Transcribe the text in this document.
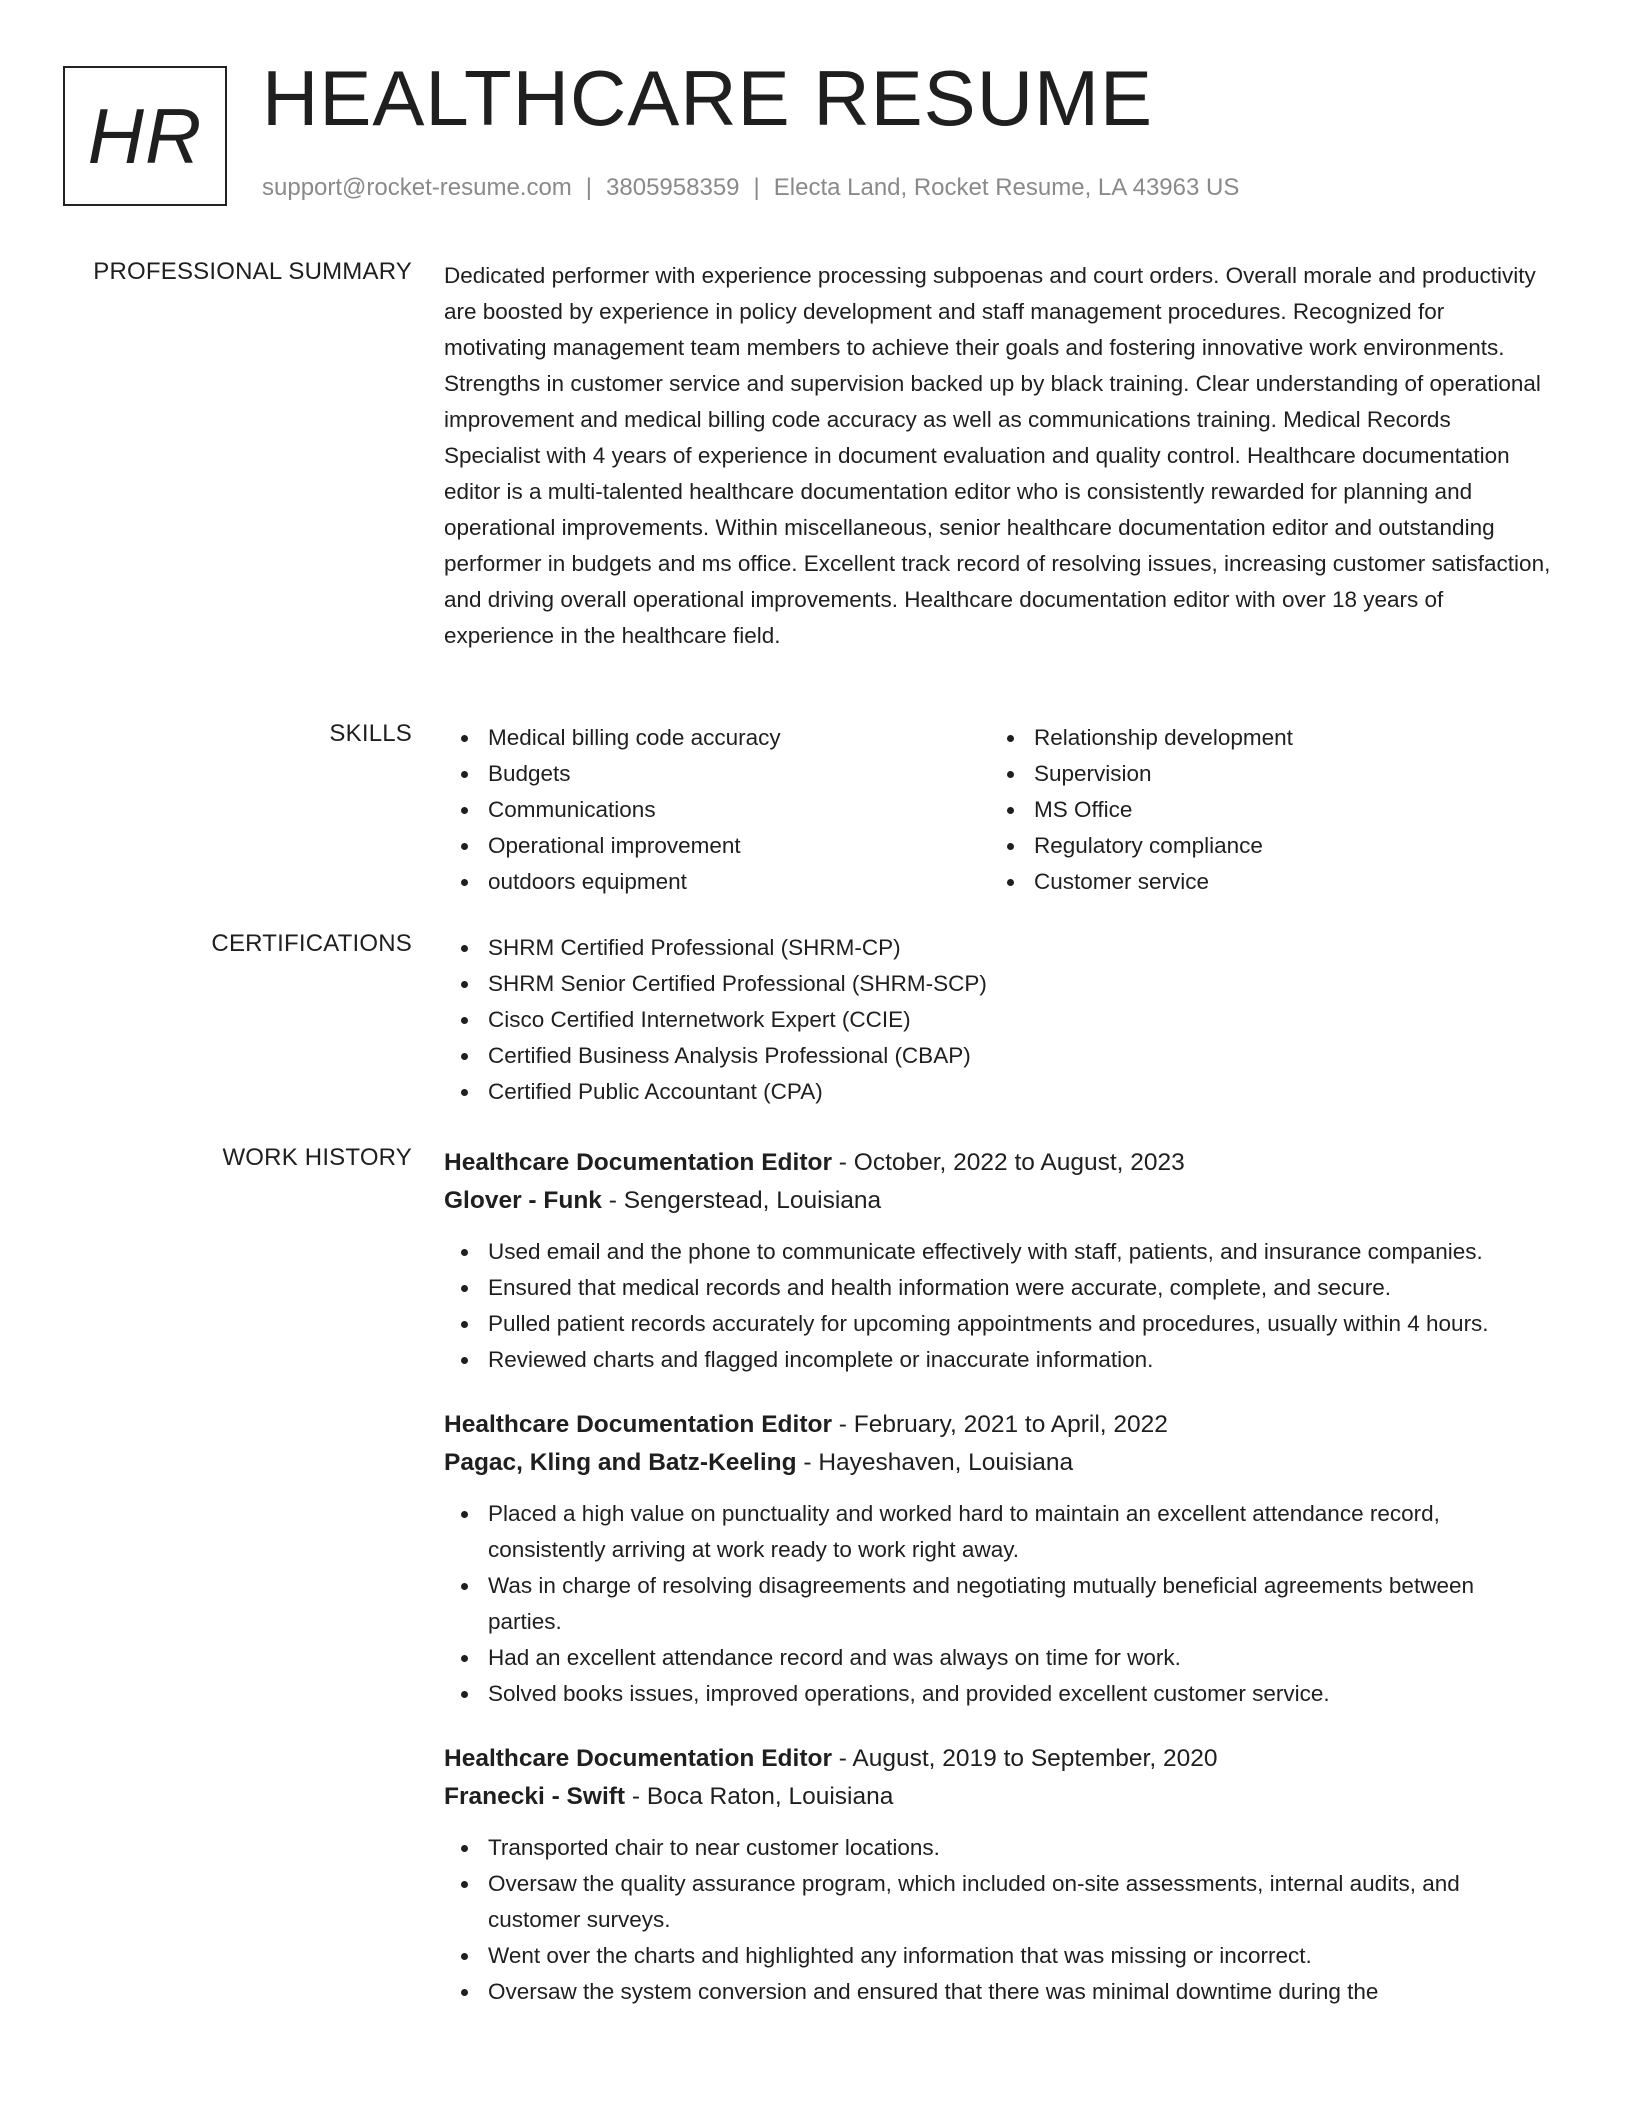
HR HEALTHCARE RESUME
support@rocket-resume.com | 3805958359 | Electa Land, Rocket Resume, LA 43963 US
PROFESSIONAL SUMMARY Dedicated performer with experience processing subpoenas and court orders. Overall morale and productivity are boosted by experience in policy development and staff management procedures. Recognized for motivating management team members to achieve their goals and fostering innovative work environments. Strengths in customer service and supervision backed up by black training. Clear understanding of operational improvement and medical billing code accuracy as well as communications training. Medical Records Specialist with 4 years of experience in document evaluation and quality control. Healthcare documentation editor is a multi-talented healthcare documentation editor who is consistently rewarded for planning and operational improvements. Within miscellaneous, senior healthcare documentation editor and outstanding performer in budgets and ms office. Excellent track record of resolving issues, increasing customer satisfaction, and driving overall operational improvements. Healthcare documentation editor with over 18 years of experience in the healthcare field.

SKILLS	Medical billing code accuracy
Budgets
Communications
Operational improvement
outdoors equipment
Relationship development
Supervision
MS Office
Regulatory compliance
Customer service
CERTIFICATIONS	SHRM Certified Professional (SHRM-CP)
SHRM Senior Certified Professional (SHRM-SCP)
Cisco Certified Internetwork Expert (CCIE)
Certified Business Analysis Professional (CBAP)
Certified Public Accountant (CPA)
WORK HISTORY Healthcare Documentation Editor - October, 2022 to August, 2023
Glover - Funk - Sengerstead, Louisiana
Used email and the phone to communicate effectively with staff, patients, and insurance companies.
Ensured that medical records and health information were accurate, complete, and secure.
Pulled patient records accurately for upcoming appointments and procedures, usually within 4 hours.
Reviewed charts and flagged incomplete or inaccurate information.
Healthcare Documentation Editor - February, 2021 to April, 2022
Pagac, Kling and Batz-Keeling - Hayeshaven, Louisiana
Placed a high value on punctuality and worked hard to maintain an excellent attendance record, consistently arriving at work ready to work right away.
Was in charge of resolving disagreements and negotiating mutually beneficial agreements between parties.
Had an excellent attendance record and was always on time for work.
Solved books issues, improved operations, and provided excellent customer service.
Healthcare Documentation Editor - August, 2019 to September, 2020
Franecki - Swift - Boca Raton, Louisiana
Transported chair to near customer locations.
Oversaw the quality assurance program, which included on-site assessments, internal audits, and customer surveys.
Went over the charts and highlighted any information that was missing or incorrect.
Oversaw the system conversion and ensured that there was minimal downtime during the
